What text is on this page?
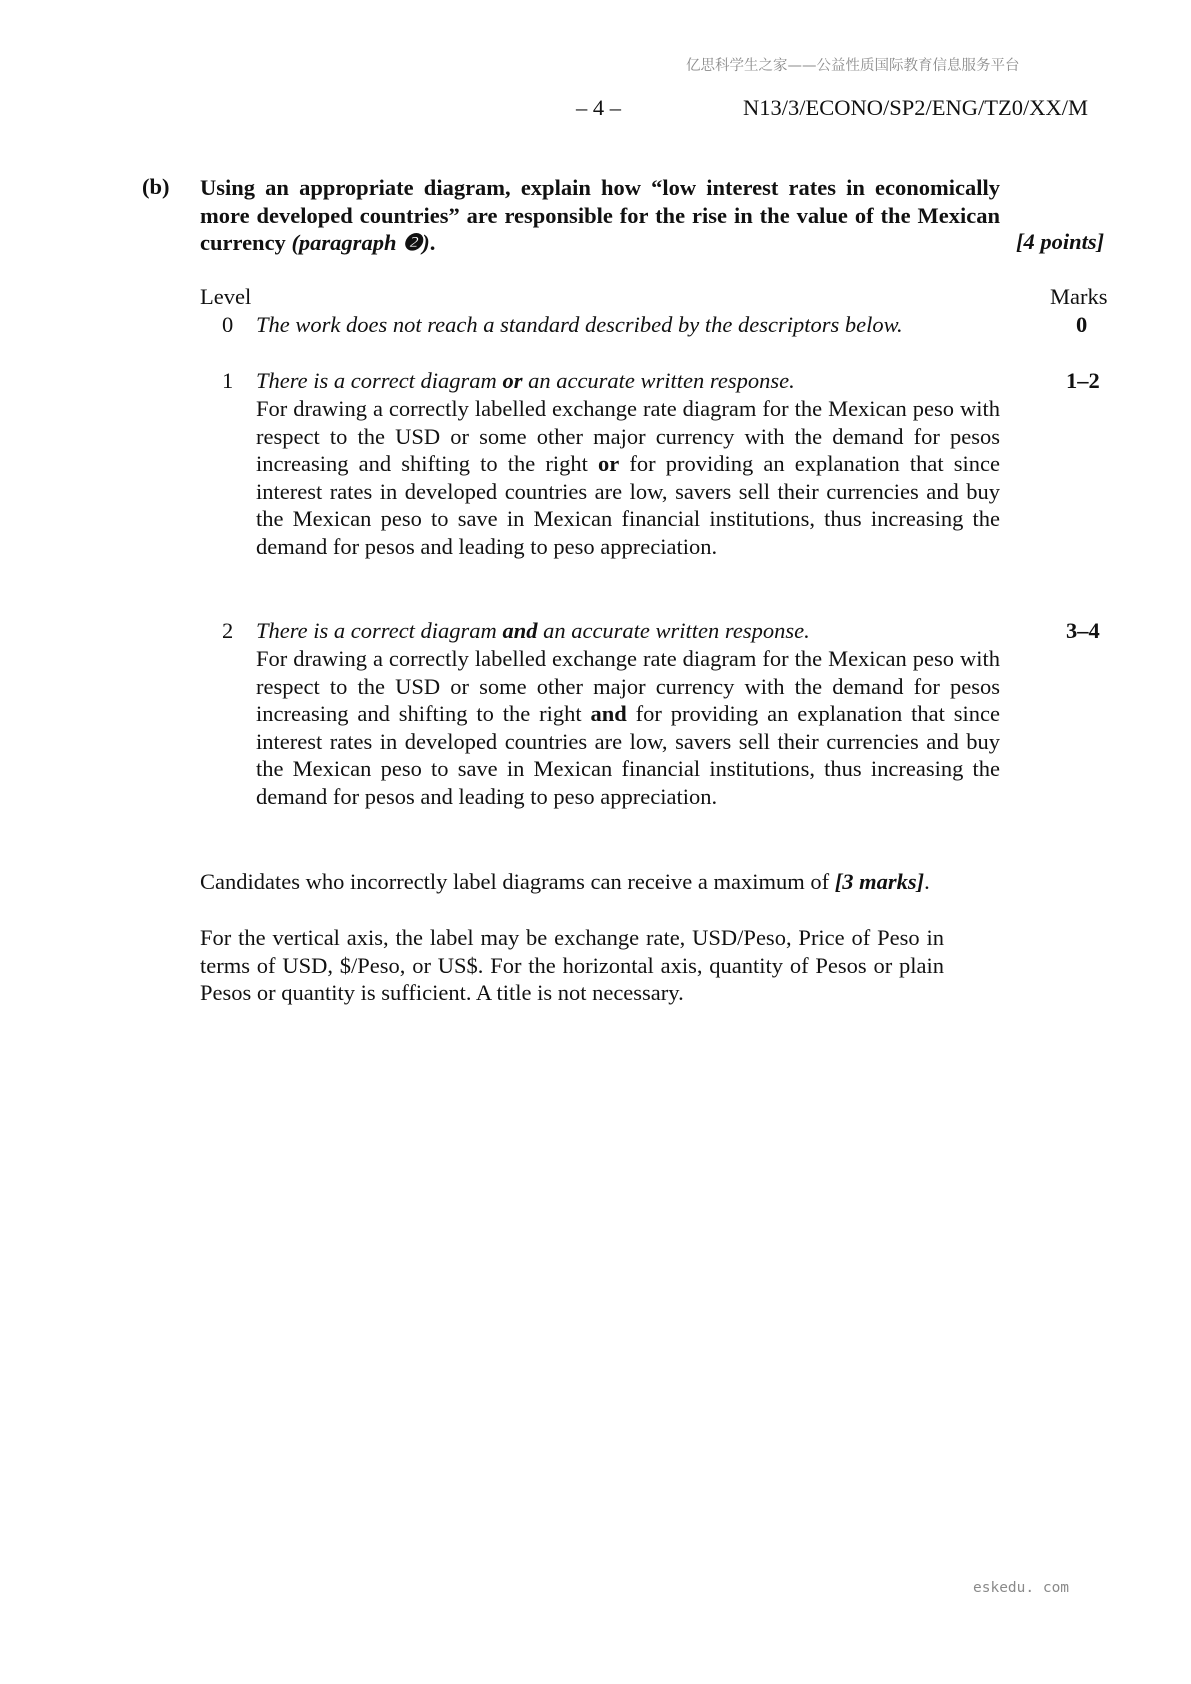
亿思科学生之家——公益性质国际教育信息服务平台
– 4 –	N13/3/ECONO/SP2/ENG/TZ0/XX/M
(b) Using an appropriate diagram, explain how “low interest rates in economically more developed countries” are responsible for the rise in the value of the Mexican currency (paragraph ❷).	[4 points]
Level	Marks
0 The work does not reach a standard described by the descriptors below.	0
1 There is a correct diagram or an accurate written response.	1–2
For drawing a correctly labelled exchange rate diagram for the Mexican peso with respect to the USD or some other major currency with the demand for pesos increasing and shifting to the right or for providing an explanation that since interest rates in developed countries are low, savers sell their currencies and buy the Mexican peso to save in Mexican financial institutions, thus increasing the demand for pesos and leading to peso appreciation.
2 There is a correct diagram and an accurate written response.	3–4
For drawing a correctly labelled exchange rate diagram for the Mexican peso with respect to the USD or some other major currency with the demand for pesos increasing and shifting to the right and for providing an explanation that since interest rates in developed countries are low, savers sell their currencies and buy the Mexican peso to save in Mexican financial institutions, thus increasing the demand for pesos and leading to peso appreciation.
Candidates who incorrectly label diagrams can receive a maximum of [3 marks].
For the vertical axis, the label may be exchange rate, USD/Peso, Price of Peso in terms of USD, $/Peso, or US$. For the horizontal axis, quantity of Pesos or plain Pesos or quantity is sufficient. A title is not necessary.
eskedu. com
